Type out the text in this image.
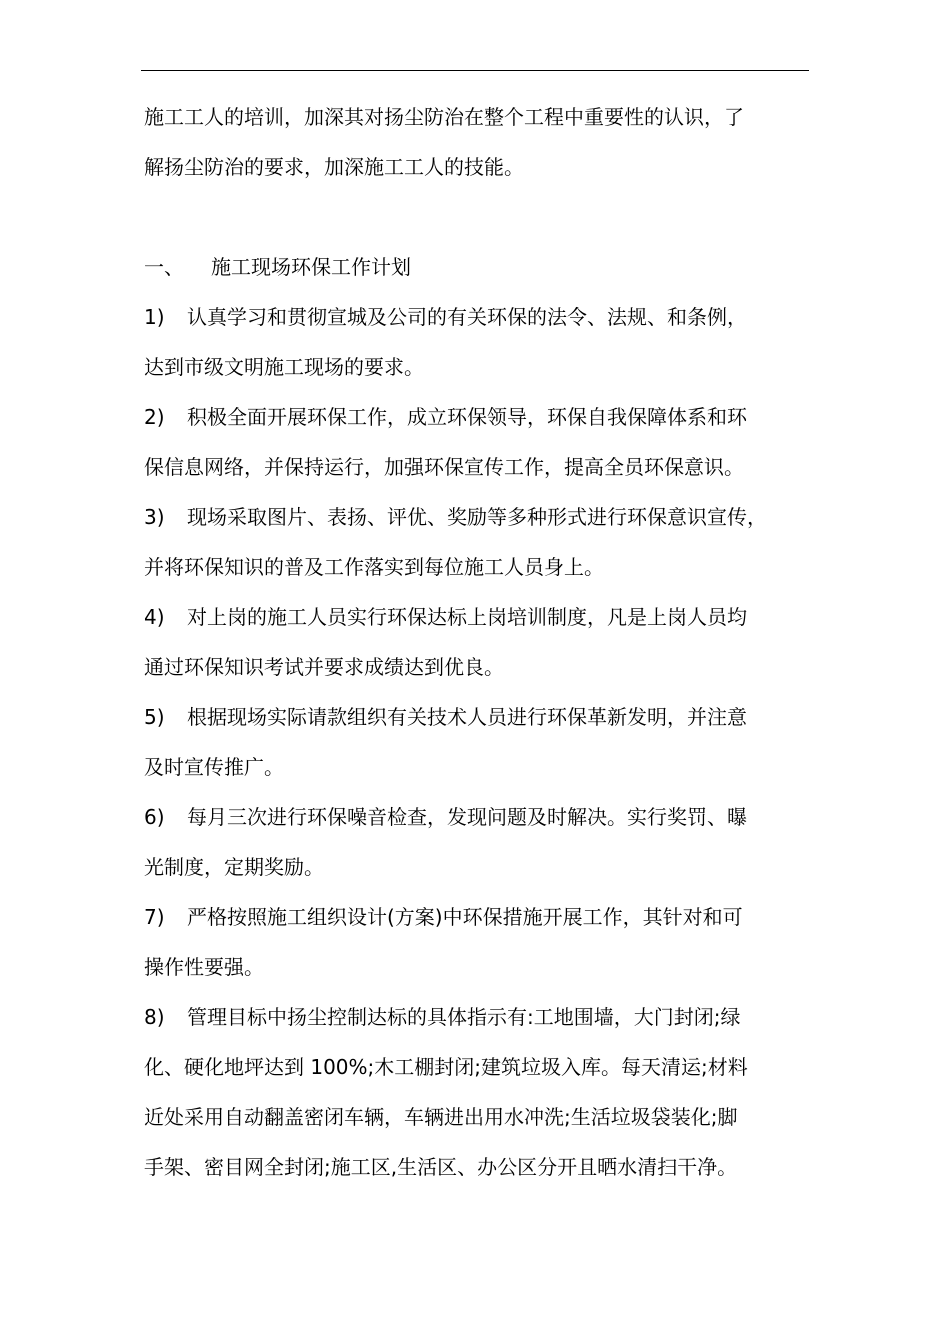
施工工人的培训，加深其对扬尘防治在整个工程中重要性的认识，了
解扬尘防治的要求，加深施工工人的技能。
一、 施工现场环保工作计划
1) 认真学习和贯彻宣城及公司的有关环保的法令、法规、和条例，
达到市级文明施工现场的要求。
2) 积极全面开展环保工作，成立环保领导，环保自我保障体系和环
保信息网络，并保持运行，加强环保宣传工作，提高全员环保意识。
3) 现场采取图片、表扬、评优、奖励等多种形式进行环保意识宣传，
并将环保知识的普及工作落实到每位施工人员身上。
4) 对上岗的施工人员实行环保达标上岗培训制度，凡是上岗人员均
通过环保知识考试并要求成绩达到优良。
5) 根据现场实际请款组织有关技术人员进行环保革新发明，并注意
及时宣传推广。
6) 每月三次进行环保噪音检查，发现问题及时解决。实行奖罚、曝
光制度，定期奖励。
7) 严格按照施工组织设计(方案)中环保措施开展工作，其针对和可
操作性要强。
8) 管理目标中扬尘控制达标的具体指示有:工地围墙，大门封闭;绿
化、硬化地坪达到 100%;木工棚封闭;建筑垃圾入库。每天清运;材料
近处采用自动翻盖密闭车辆，车辆进出用水冲洗;生活垃圾袋装化;脚
手架、密目网全封闭;施工区,生活区、办公区分开且晒水清扫干净。
